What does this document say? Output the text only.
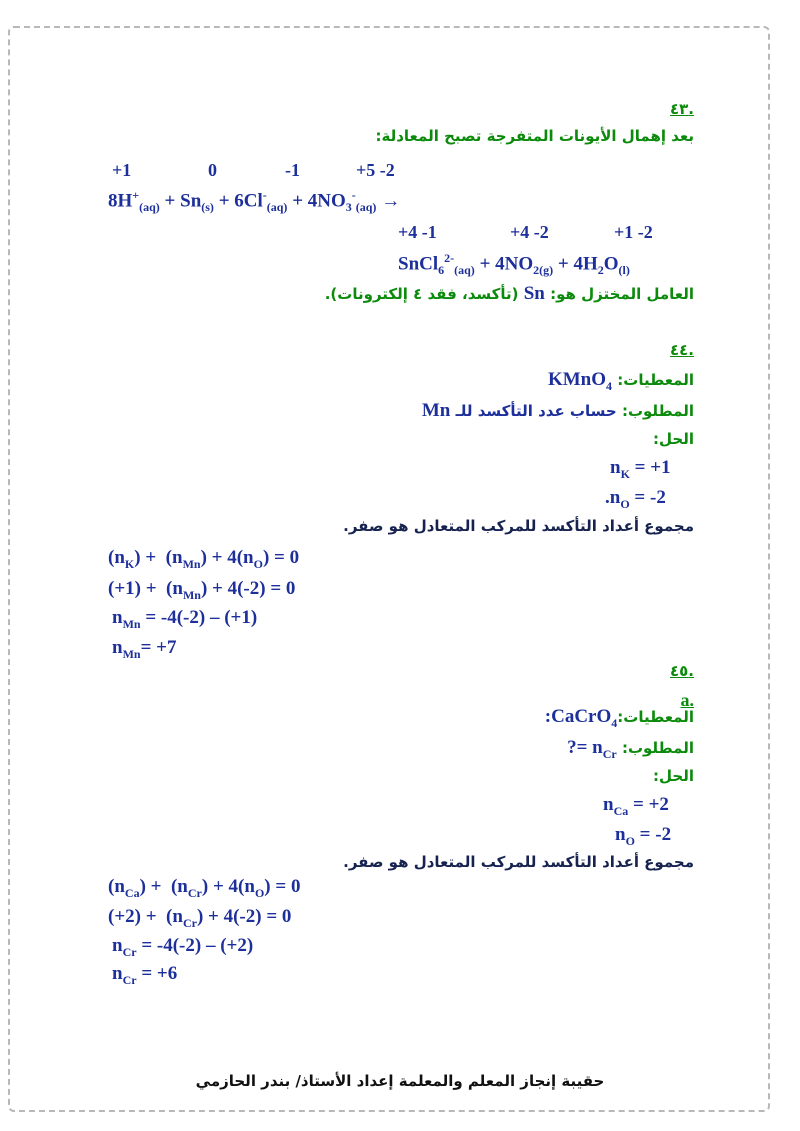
.٤٣
بعد إهمال الأيونات المتفرجة تصبح المعادلة:
+1	0	-1	+5 -2
$8H^+_{(aq)} + Sn_{(s)} + 6Cl^-_{(aq)} + 4NO_3^-_{(aq)}$ →
+4 -1	+4 -2	+1 -2
SnCl$_6^{2-}_{(aq)}$ + $4NO_{2(g)} + 4H_2O_{(l)}$
العامل المختزل هو: Sn (تأكسد، فقد ٤ إلكترونات).
.٤٤
المعطيات: KMnO$_4$
المطلوب: حساب عدد التأكسد للـ Mn
الحل:
$n_K = +1$
$.n_O = -2$
مجموع أعداد التأكسد للمركب المتعادل هو صفر.
$(n_K) + (n_{Mn}) + 4(n_O) = 0$
$(+1) + (n_{Mn}) + 4(-2) = 0$
$n_{Mn} = -4(-2) - (+1)$
$n_{Mn}= +7$
.٤٥
.a
المعطيات:CaCrO$_4$:
المطلوب: $n_{Cr}$ =?
الحل:
$n_{Ca} = +2$
$n_O = -2$
مجموع أعداد التأكسد للمركب المتعادل هو صفر.
$(n_{Ca}) + (n_{Cr}) + 4(n_O) = 0$
$(+2) + (n_{Cr}) + 4(-2) = 0$
$n_{Cr} = -4(-2) - (+2)$
$n_{Cr} = +6$
حقيبة إنجاز المعلم والمعلمة إعداد الأستاذ/ بندر الحازمي
